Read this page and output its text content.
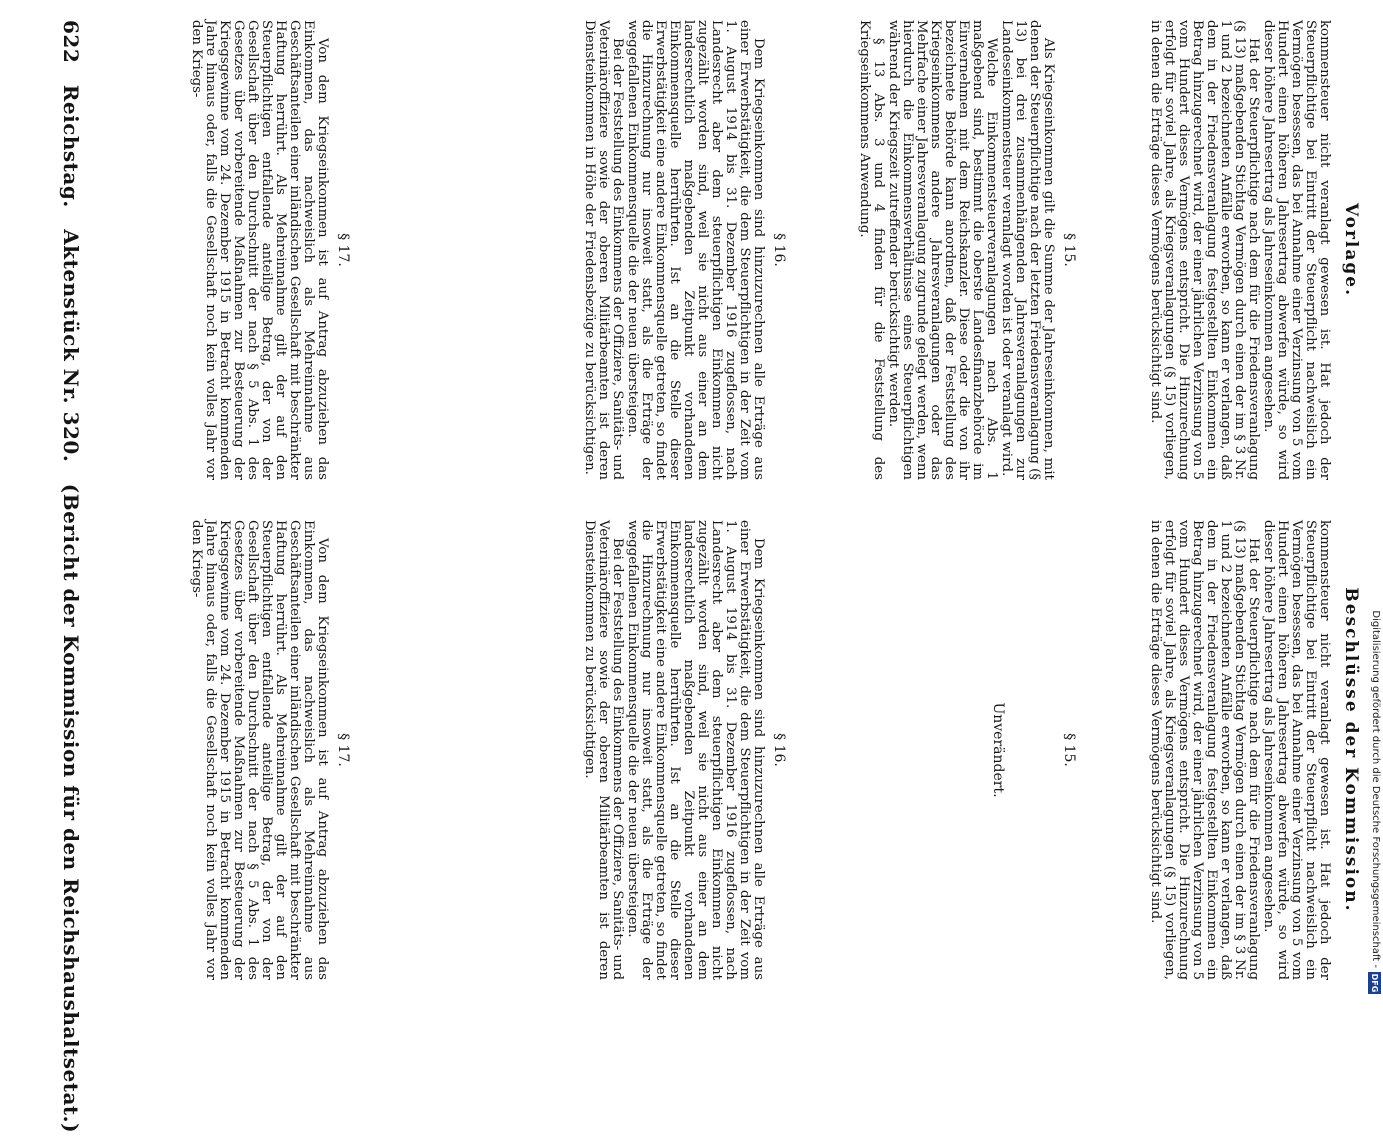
Digitalisierung gefördert durch die Deutsche Forschungsgemeinschaft -
DFG
Vorlage.

kommensteuer nicht veranlagt gewesen ist. Hat jedoch der Steuerpflichtige bei Eintritt der Steuerpflicht nachweislich ein Vermögen besessen, das bei Annahme einer Verzinsung von 5 vom Hundert einen höheren Jahresertrag abwerfen würde, so wird dieser höhere Jahresertrag als Jahreseinkommen angesehen.

Hat der Steuerpflichtige nach dem für die Friedensveranlagung (§ 13) maßgebenden Stichtag Vermögen durch einen der im § 3 Nr. 1 und 2 bezeichneten Anfälle erworben, so kann er verlangen, daß dem in der Friedensveranlagung festgestellten Einkommen ein Betrag hinzugerechnet wird, der einer jährlichen Verzinsung von 5 vom Hundert dieses Vermögens entspricht. Die Hinzurechnung erfolgt für soviel Jahre, als Kriegsveranlagungen (§ 15) vorliegen, in denen die Erträge dieses Vermögens berücksichtigt sind.

§ 15.

Als Kriegseinkommen gilt die Summe der Jahreseinkommen, mit denen der Steuerpflichtige nach der letzten Friedensveranlagung (§ 13) bei drei zusammenhängenden Jahresveranlagungen zur Landeseinkommensteuer veranlagt worden ist oder veranlagt wird.

Welche Einkommensteuerveranlagungen nach Abs. 1 maßgebend sind, bestimmt die oberste Landesfinanzbehörde im Einvernehmen mit dem Reichskanzler. Diese oder die von ihr bezeichnete Behörde kann anordnen, daß der Feststellung des Kriegseinkommens andere Jahresveranlagungen oder das Mehrfache einer Jahresveranlagung zugrunde gelegt werden, wenn hierdurch die Einkommensverhältnisse eines Steuerpflichtigen während der Kriegszeit zutreffender berücksichtigt werden.

§ 13 Abs. 3 und 4 finden für die Feststellung des Kriegseinkommens Anwendung.

§ 16.

Dem Kriegseinkommen sind hinzuzurechnen alle Erträge aus einer Erwerbstätigkeit, die dem Steuerpflichtigen in der Zeit vom 1. August 1914 bis 31. Dezember 1916 zugeflossen, nach Landesrecht aber dem steuerpflichtigen Einkommen nicht zugezählt worden sind, weil sie nicht aus einer an dem landesrechtlich maßgebenden Zeitpunkt vorhandenen Einkommensquelle herrührten. Ist an die Stelle dieser Erwerbstätigkeit eine andere Einkommensquelle getreten, so findet die Hinzurechnung nur insoweit statt, als die Erträge der weggefallenen Einkommensquelle die der neuen übersteigen.

Bei der Feststellung des Einkommens der Offiziere, Sanitäts- und Veterinäroffiziere sowie der oberen Militärbeamten ist deren Diensteinkommen in Höhe der Friedensbezüge zu berücksichtigen.

§ 17.

Von dem Kriegseinkommen ist auf Antrag abzuziehen das Einkommen, das nachweislich als Mehreinnahme aus Geschäftsanteilen einer inländischen Gesellschaft mit beschränkter Haftung herrührt. Als Mehreinnahme gilt der auf den Steuerpflichtigen entfallende anteilige Betrag, der von der Gesellschaft über den Durchschnitt der nach § 5 Abs. 1 des Gesetzes über vorbereitende Maßnahmen zur Besteuerung der Kriegsgewinne vom 24. Dezember 1915 in Betracht kommenden Jahre hinaus oder, falls die Gesellschaft noch kein volles Jahr vor den Kriegs-

Beschlüsse der Kommission.

kommensteuer nicht veranlagt gewesen ist. Hat jedoch der Steuerpflichtige bei Eintritt der Steuerpflicht nachweislich ein Vermögen besessen, das bei Annahme einer Verzinsung von 5 vom Hundert einen höheren Jahresertrag abwerfen würde, so wird dieser höhere Jahresertrag als Jahreseinkommen angesehen.

Hat der Steuerpflichtige nach dem für die Friedensveranlagung (§ 13) maßgebenden Stichtag Vermögen durch einen der im § 3 Nr. 1 und 2 bezeichneten Anfälle erworben, so kann er verlangen, daß dem in der Friedensveranlagung festgestellten Einkommen ein Betrag hinzugerechnet wird, der einer jährlichen Verzinsung von 5 vom Hundert dieses Vermögens entspricht. Die Hinzurechnung erfolgt für soviel Jahre, als Kriegsveranlagungen (§ 15) vorliegen, in denen die Erträge dieses Vermögens berücksichtigt sind.

§ 15.
Unverändert.
§ 16.

Dem Kriegseinkommen sind hinzuzurechnen alle Erträge aus einer Erwerbstätigkeit, die dem Steuerpflichtigen in der Zeit vom 1. August 1914 bis 31. Dezember 1916 zugeflossen, nach Landesrecht aber dem steuerpflichtigen Einkommen nicht zugezählt worden sind, weil sie nicht aus einer an dem landesrechtlich maßgebenden Zeitpunkt vorhandenen Einkommensquelle herrührten. Ist an die Stelle dieser Erwerbstätigkeit eine andere Einkommensquelle getreten, so findet die Hinzurechnung nur insoweit statt, als die Erträge der weggefallenen Einkommensquelle die der neuen übersteigen.

Bei der Feststellung des Einkommens der Offiziere, Sanitäts- und Veterinäroffiziere sowie der oberen Militärbeamten ist deren Diensteinkommen zu berücksichtigen.

§ 17.

Von dem Kriegseinkommen ist auf Antrag abzuziehen das Einkommen, das nachweislich als Mehreinnahme aus Geschäftsanteilen einer inländischen Gesellschaft mit beschränkter Haftung herrührt. Als Mehreinnahme gilt der auf den Steuerpflichtigen entfallende anteilige Betrag, der von der Gesellschaft über den Durchschnitt der nach § 5 Abs. 1 des Gesetzes über vorbereitende Maßnahmen zur Besteuerung der Kriegsgewinne vom 24. Dezember 1915 in Betracht kommenden Jahre hinaus oder, falls die Gesellschaft noch kein volles Jahr vor den Kriegs-

622 Reichstag. Aktenstück Nr. 320. (Bericht der Kommission für den Reichshaushaltsetat.)
